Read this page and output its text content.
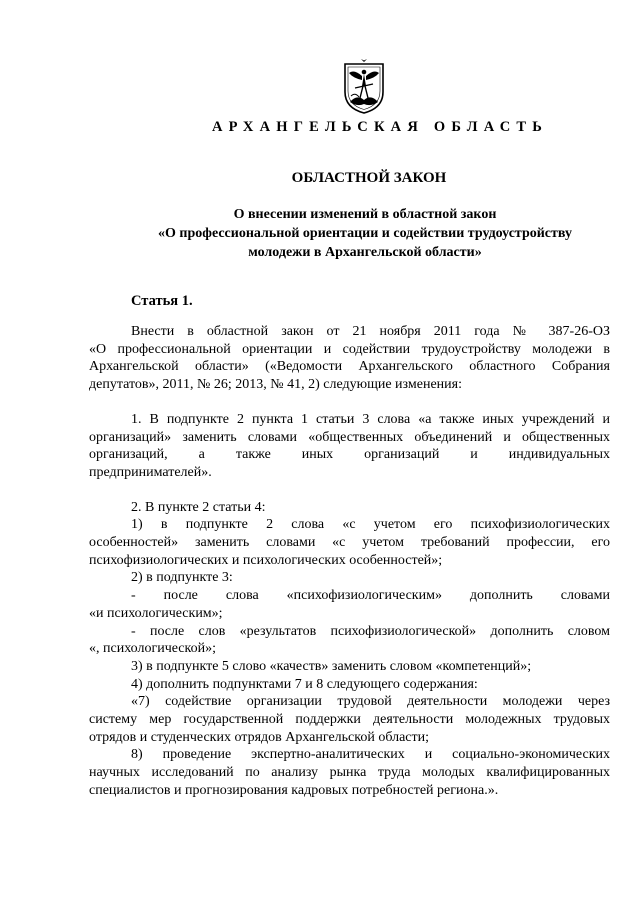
АРХАНГЕЛЬСКАЯ ОБЛАСТЬ
ОБЛАСТНОЙ ЗАКОН
О внесении изменений в областной закон
«О профессиональной ориентации и содействии трудоустройству
молодежи в Архангельской области»
Статья 1.

Внести в областной закон от 21 ноября 2011 года № 387-26-ОЗ

«О профессиональной ориентации и содействии трудоустройству молодежи в

Архангельской области» («Ведомости Архангельского областного Собрания

депутатов», 2011, № 26; 2013, № 41, 2) следующие изменения:

1. В подпункте 2 пункта 1 статьи 3 слова «а также иных учреждений и

организаций» заменить словами «общественных объединений и общественных

организаций, а также иных организаций и индивидуальных

предпринимателей».

2. В пункте 2 статьи 4:

1) в подпункте 2 слова «с учетом его психофизиологических

особенностей» заменить словами «с учетом требований профессии, его

психофизиологических и психологических особенностей»;

2) в подпункте 3:

- после слова «психофизиологическим» дополнить словами

«и психологическим»;

- после слов «результатов психофизиологической» дополнить словом

«, психологической»;

3) в подпункте 5 слово «качеств» заменить словом «компетенций»;

4) дополнить подпунктами 7 и 8 следующего содержания:

«7) содействие организации трудовой деятельности молодежи через

систему мер государственной поддержки деятельности молодежных трудовых

отрядов и студенческих отрядов Архангельской области;

8) проведение экспертно-аналитических и социально-экономических

научных исследований по анализу рынка труда молодых квалифицированных

специалистов и прогнозирования кадровых потребностей региона.».
